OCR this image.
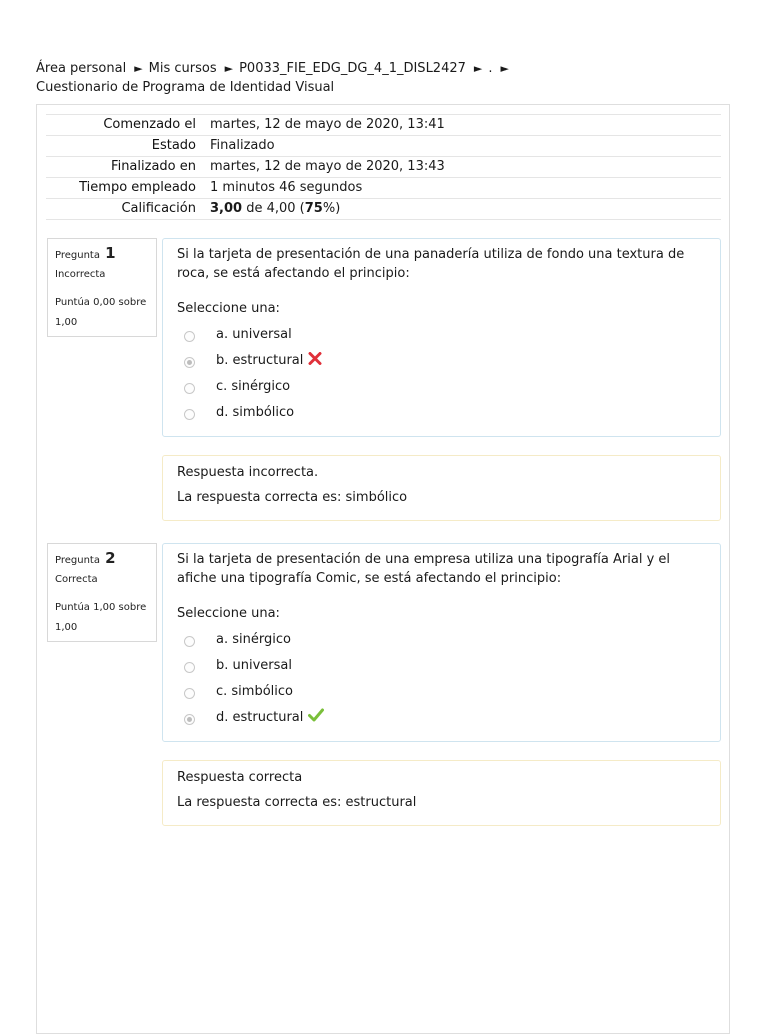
Área personal ► Mis cursos ► P0033_FIE_EDG_DG_4_1_DISL2427 ► . ►
Cuestionario de Programa de Identidad Visual
Comenzado el	martes, 12 de mayo de 2020, 13:41
Estado	Finalizado
Finalizado en	martes, 12 de mayo de 2020, 13:43
Tiempo empleado	1 minutos 46 segundos
Calificación	3,00 de 4,00 (75%)
Pregunta 1
Incorrecta
Puntúa 0,00 sobre 1,00
Si la tarjeta de presentación de una panadería utiliza de fondo una textura de roca, se está afectando el principio:
Seleccione una:
a. universal
b. estructural
c. sinérgico
d. simbólico
Respuesta incorrecta.
La respuesta correcta es: simbólico
Pregunta 2
Correcta
Puntúa 1,00 sobre 1,00
Si la tarjeta de presentación de una empresa utiliza una tipografía Arial y el afiche una tipografía Comic, se está afectando el principio:
Seleccione una:
a. sinérgico
b. universal
c. simbólico
d. estructural
Respuesta correcta
La respuesta correcta es: estructural
